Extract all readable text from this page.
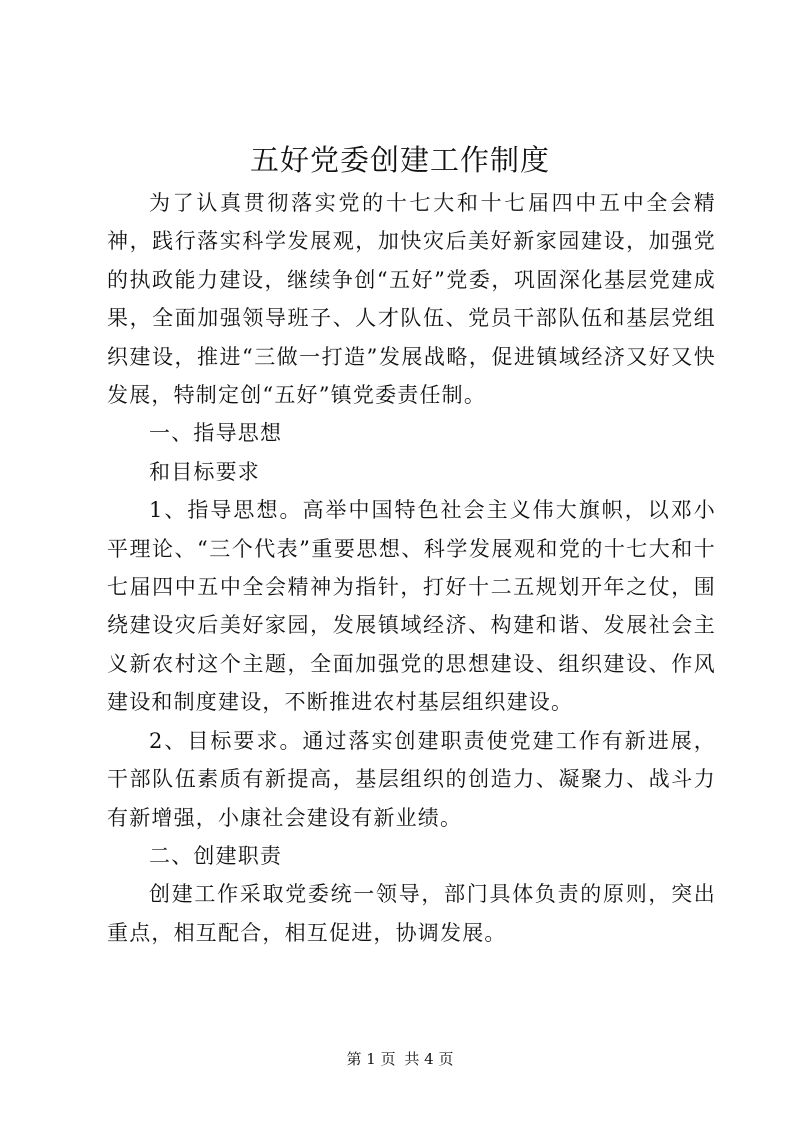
五好党委创建工作制度

为了认真贯彻落实党的十七大和十七届四中五中全会精神，践行落实科学发展观，加快灾后美好新家园建设，加强党的执政能力建设，继续争创“五好”党委，巩固深化基层党建成果，全面加强领导班子、人才队伍、党员干部队伍和基层党组织建设，推进“三做一打造”发展战略，促进镇域经济又好又快发展，特制定创“五好”镇党委责任制。

一、指导思想

和目标要求

1、指导思想。高举中国特色社会主义伟大旗帜，以邓小平理论、“三个代表”重要思想、科学发展观和党的十七大和十七届四中五中全会精神为指针，打好十二五规划开年之仗，围绕建设灾后美好家园，发展镇域经济、构建和谐、发展社会主义新农村这个主题，全面加强党的思想建设、组织建设、作风建设和制度建设，不断推进农村基层组织建设。

2、目标要求。通过落实创建职责使党建工作有新进展，干部队伍素质有新提高，基层组织的创造力、凝聚力、战斗力有新增强，小康社会建设有新业绩。

二、创建职责

创建工作采取党委统一领导，部门具体负责的原则，突出重点，相互配合，相互促进，协调发展。

第 1 页 共 4 页
